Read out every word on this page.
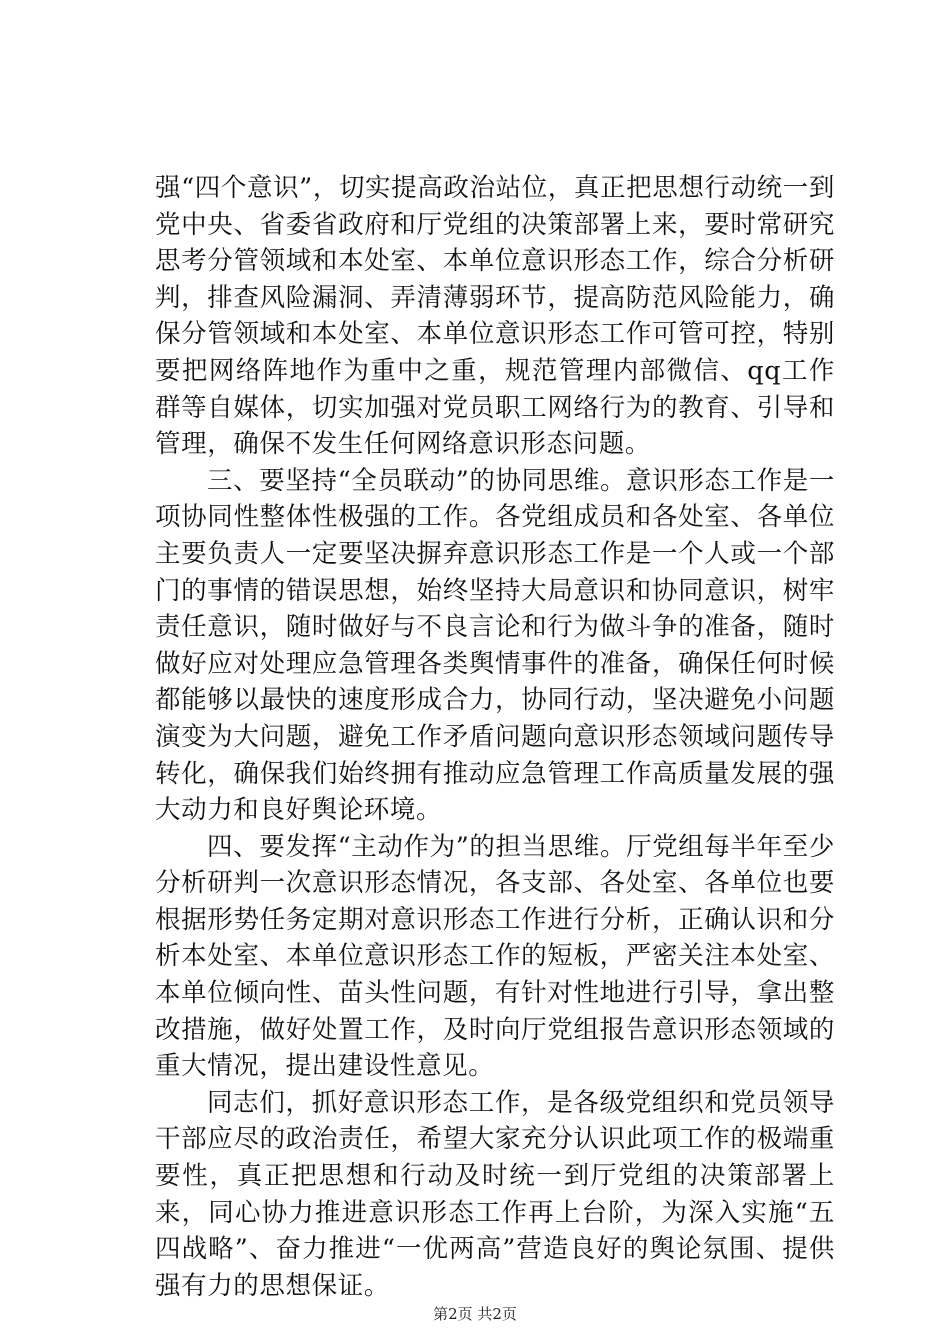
强“四个意识”，切实提高政治站位，真正把思想行动统一到党中央、省委省政府和厅党组的决策部署上来，要时常研究思考分管领域和本处室、本单位意识形态工作，综合分析研判，排查风险漏洞、弄清薄弱环节，提高防范风险能力，确保分管领域和本处室、本单位意识形态工作可管可控，特别要把网络阵地作为重中之重，规范管理内部微信、qq工作群等自媒体，切实加强对党员职工网络行为的教育、引导和管理，确保不发生任何网络意识形态问题。

三、要坚持“全员联动”的协同思维。意识形态工作是一项协同性整体性极强的工作。各党组成员和各处室、各单位主要负责人一定要坚决摒弃意识形态工作是一个人或一个部门的事情的错误思想，始终坚持大局意识和协同意识，树牢责任意识，随时做好与不良言论和行为做斗争的准备，随时做好应对处理应急管理各类舆情事件的准备，确保任何时候都能够以最快的速度形成合力，协同行动，坚决避免小问题演变为大问题，避免工作矛盾问题向意识形态领域问题传导转化，确保我们始终拥有推动应急管理工作高质量发展的强大动力和良好舆论环境。

四、要发挥“主动作为”的担当思维。厅党组每半年至少分析研判一次意识形态情况，各支部、各处室、各单位也要根据形势任务定期对意识形态工作进行分析，正确认识和分析本处室、本单位意识形态工作的短板，严密关注本处室、本单位倾向性、苗头性问题，有针对性地进行引导，拿出整改措施，做好处置工作，及时向厅党组报告意识形态领域的重大情况，提出建设性意见。

同志们，抓好意识形态工作，是各级党组织和党员领导干部应尽的政治责任，希望大家充分认识此项工作的极端重要性，真正把思想和行动及时统一到厅党组的决策部署上来，同心协力推进意识形态工作再上台阶，为深入实施“五四战略”、奋力推进“一优两高”营造良好的舆论氛围、提供强有力的思想保证。

第2页 共2页
